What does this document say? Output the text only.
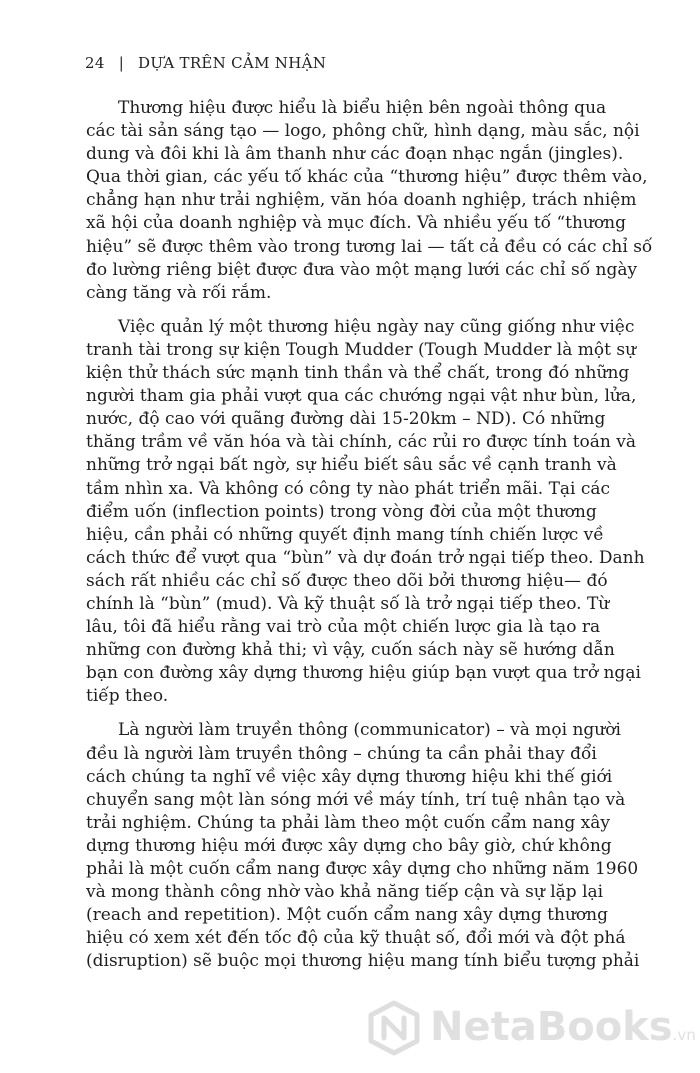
24 | DỰA TRÊN CẢM NHẬN

Thương hiệu được hiểu là biểu hiện bên ngoài thông qua
các tài sản sáng tạo — logo, phông chữ, hình dạng, màu sắc, nội
dung và đôi khi là âm thanh như các đoạn nhạc ngắn (jingles).
Qua thời gian, các yếu tố khác của “thương hiệu” được thêm vào,
chẳng hạn như trải nghiệm, văn hóa doanh nghiệp, trách nhiệm
xã hội của doanh nghiệp và mục đích. Và nhiều yếu tố “thương
hiệu” sẽ được thêm vào trong tương lai — tất cả đều có các chỉ số
đo lường riêng biệt được đưa vào một mạng lưới các chỉ số ngày
càng tăng và rối rắm.

Việc quản lý một thương hiệu ngày nay cũng giống như việc
tranh tài trong sự kiện Tough Mudder (Tough Mudder là một sự
kiện thử thách sức mạnh tinh thần và thể chất, trong đó những
người tham gia phải vượt qua các chướng ngại vật như bùn, lửa,
nước, độ cao với quãng đường dài 15-20km – ND). Có những
thăng trầm về văn hóa và tài chính, các rủi ro được tính toán và
những trở ngại bất ngờ, sự hiểu biết sâu sắc về cạnh tranh và
tầm nhìn xa. Và không có công ty nào phát triển mãi. Tại các
điểm uốn (inflection points) trong vòng đời của một thương
hiệu, cần phải có những quyết định mang tính chiến lược về
cách thức để vượt qua “bùn” và dự đoán trở ngại tiếp theo. Danh
sách rất nhiều các chỉ số được theo dõi bởi thương hiệu— đó
chính là “bùn” (mud). Và kỹ thuật số là trở ngại tiếp theo. Từ
lâu, tôi đã hiểu rằng vai trò của một chiến lược gia là tạo ra
những con đường khả thi; vì vậy, cuốn sách này sẽ hướng dẫn
bạn con đường xây dựng thương hiệu giúp bạn vượt qua trở ngại
tiếp theo.

Là người làm truyền thông (communicator) – và mọi người
đều là người làm truyền thông – chúng ta cần phải thay đổi
cách chúng ta nghĩ về việc xây dựng thương hiệu khi thế giới
chuyển sang một làn sóng mới về máy tính, trí tuệ nhân tạo và
trải nghiệm. Chúng ta phải làm theo một cuốn cẩm nang xây
dựng thương hiệu mới được xây dựng cho bây giờ, chứ không
phải là một cuốn cẩm nang được xây dựng cho những năm 1960
và mong thành công nhờ vào khả năng tiếp cận và sự lặp lại
(reach and repetition). Một cuốn cẩm nang xây dựng thương
hiệu có xem xét đến tốc độ của kỹ thuật số, đổi mới và đột phá
(disruption) sẽ buộc mọi thương hiệu mang tính biểu tượng phải

NetaBooks.vn
